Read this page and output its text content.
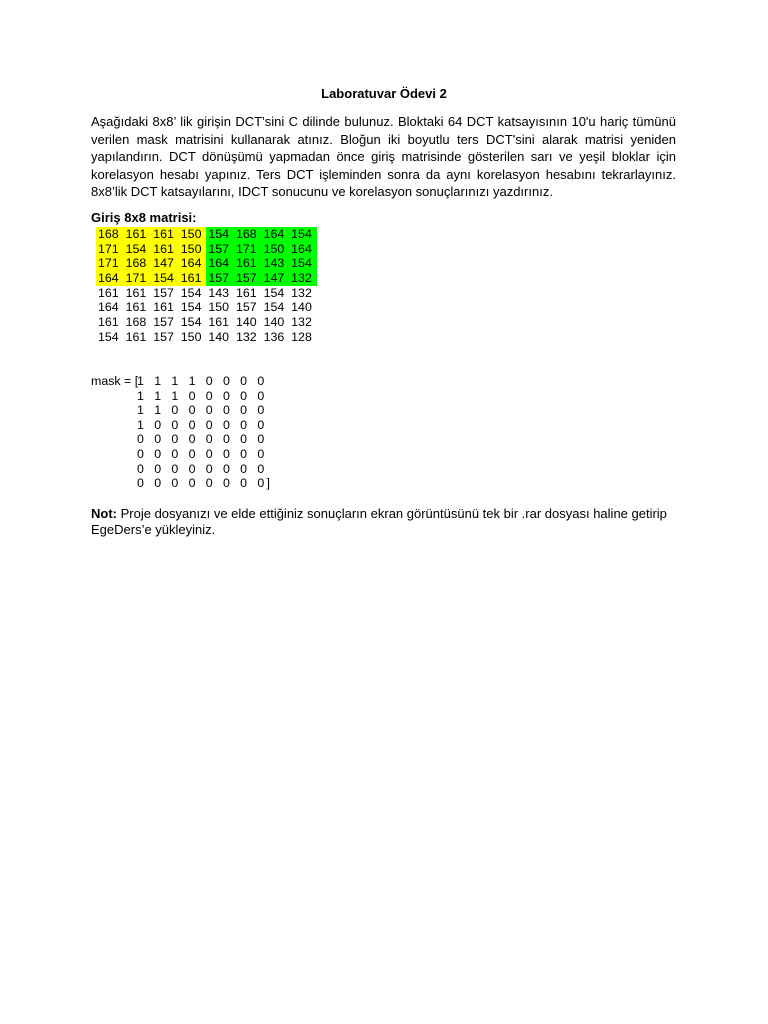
Laboratuvar Ödevi 2
Aşağıdaki 8x8’ lik girişin DCT’sini C dilinde bulunuz. Bloktaki 64 DCT katsayısının 10'u hariç tümünü verilen mask matrisini kullanarak atınız. Bloğun iki boyutlu ters DCT'sini alarak matrisi yeniden yapılandırın. DCT dönüşümü yapmadan önce giriş matrisinde gösterilen sarı ve yeşil bloklar için korelasyon hesabı yapınız. Ters DCT işleminden sonra da aynı korelasyon hesabını tekrarlayınız. 8x8’lik DCT katsayılarını, IDCT sonucunu ve korelasyon sonuçlarınızı yazdırınız.
Giriş 8x8 matrisi:
168 161 161 150 154 168 164 154
171 154 161 150 157 171 150 164
171 168 147 164 164 161 143 154
164 171 154 161 157 157 147 132
161 161 157 154 143 161 154 132
164 161 161 154 150 157 154 140
161 168 157 154 161 140 140 132
154 161 157 150 140 132 136 128
mask = [
1 1 1 1 0 0 0 0
1 1 1 0 0 0 0 0
1 1 0 0 0 0 0 0
1 0 0 0 0 0 0 0
0 0 0 0 0 0 0 0
0 0 0 0 0 0 0 0
0 0 0 0 0 0 0 0
0 0 0 0 0 0 0 0 ]
Not: Proje dosyanızı ve elde ettiğiniz sonuçların ekran görüntüsünü tek bir .rar dosyası haline getirip EgeDers’e yükleyiniz.
